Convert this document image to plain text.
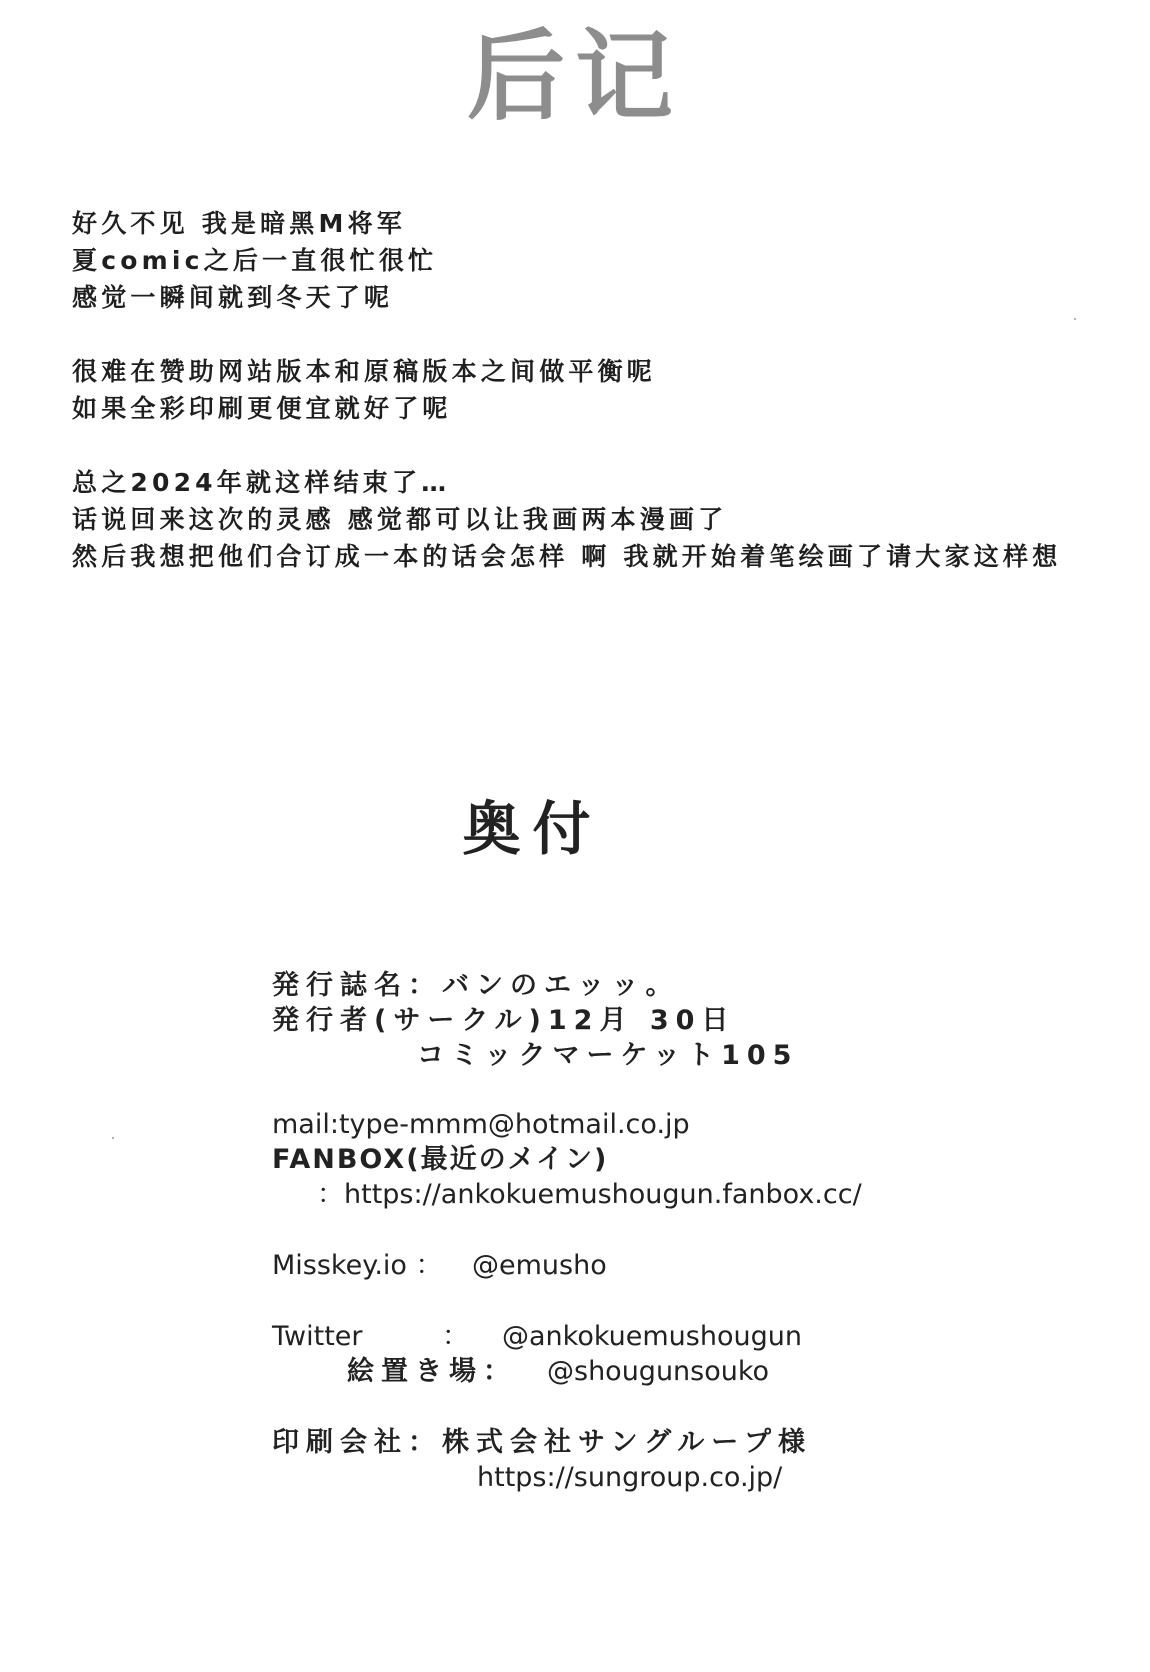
后记
好久不见 我是暗黑M将军
夏comic之后一直很忙很忙
感觉一瞬间就到冬天了呢
很难在赞助网站版本和原稿版本之间做平衡呢
如果全彩印刷更便宜就好了呢
总之2024年就这样结束了…
话说回来这次的灵感 感觉都可以让我画两本漫画了
然后我想把他们合订成一本的话会怎样 啊 我就开始着笔绘画了请大家这样想
奥付
発行誌名：バンのエッッ。
発行者(サークル)12月 30日
コミックマーケット105
mail:type-mmm@hotmail.co.jp
FANBOX(最近のメイン)
：https://ankokuemushougun.fanbox.cc/
Misskey.io ： @emusho
Twitter	： @ankokuemushougun
絵置き場： @shougunsouko
印刷会社：株式会社サングループ様
https://sungroup.co.jp/
